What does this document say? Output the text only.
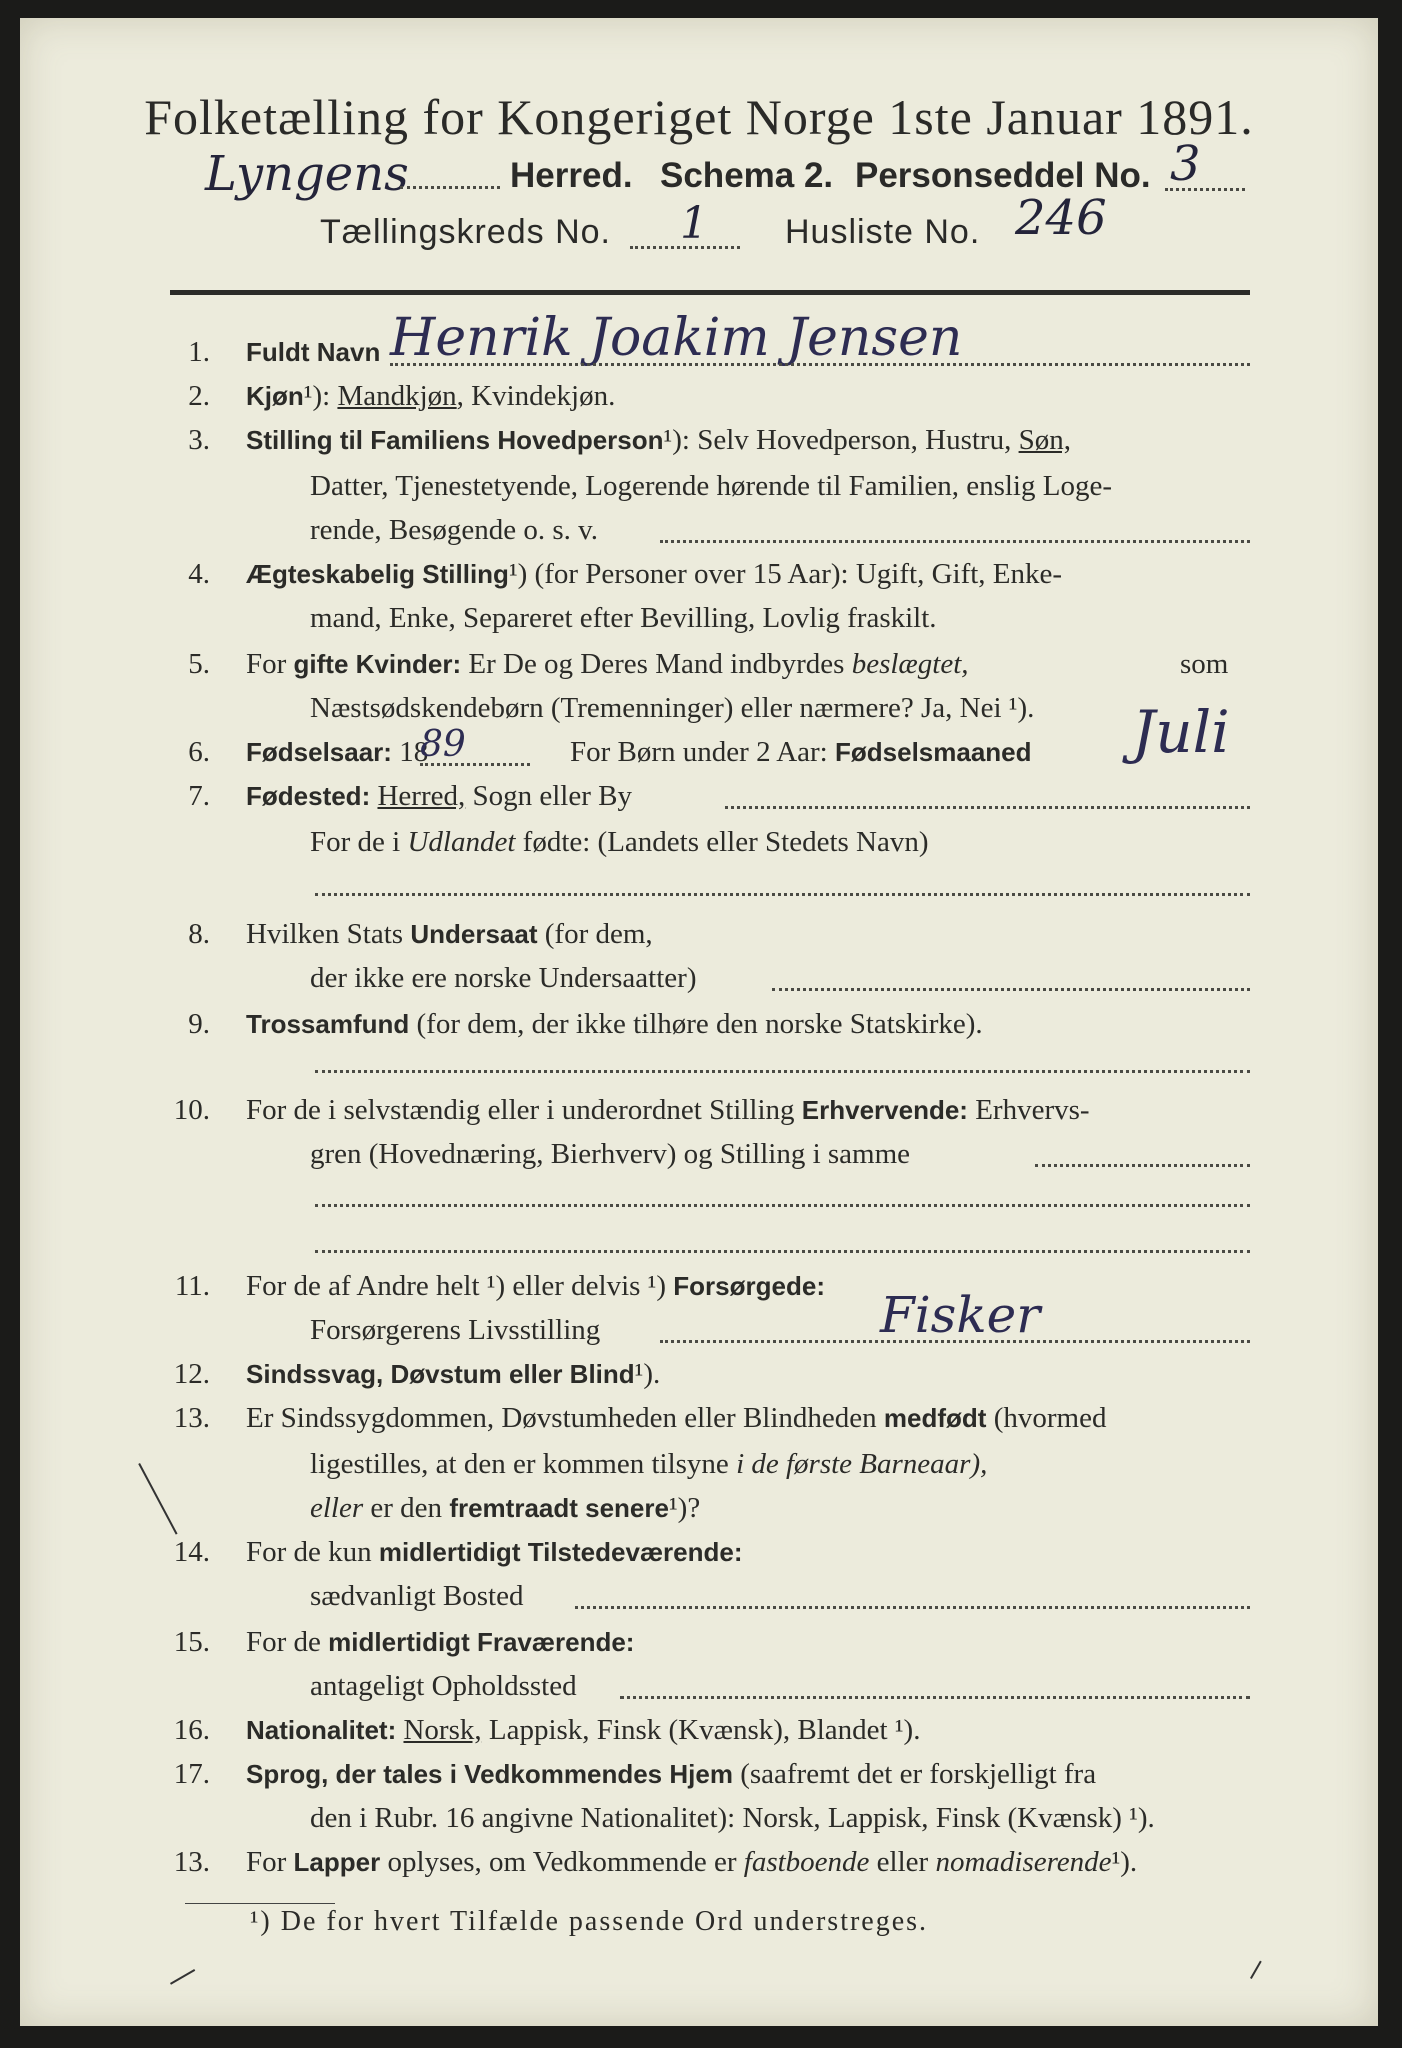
Folketælling for Kongeriget Norge 1ste Januar 1891.
Lyngens	Herred. Schema 2. Personseddel No. 3
Tællingskreds No. 1 Husliste No. 246
1. Fuldt Navn Henrik Joakim Jensen
2. Kjøn¹): Mandkjøn, Kvindekjøn.
3. Stilling til Familiens Hovedperson¹): Selv Hovedperson, Hustru, Søn,
Datter, Tjenestetyende, Logerende hørende til Familien, enslig Loge-
rende, Besøgende o. s. v.
4. Ægteskabelig Stilling¹) (for Personer over 15 Aar): Ugift, Gift, Enke-
mand, Enke, Separeret efter Bevilling, Lovlig fraskilt.
5. For gifte Kvinder: Er De og Deres Mand indbyrdes beslægtet,	som
Næstsødskendebørn (Tremenninger) eller nærmere? Ja, Nei ¹).
6. Fødselsaar: 18
89	For Børn under 2 Aar: Fødselsmaaned Juli
7. Fødested: Herred, Sogn eller By
For de i Udlandet fødte: (Landets eller Stedets Navn)
8. Hvilken Stats Undersaat (for dem,
der ikke ere norske Undersaatter)
9. Trossamfund (for dem, der ikke tilhøre den norske Statskirke).
10. For de i selvstændig eller i underordnet Stilling Erhvervende: Erhvervs-
gren (Hovednæring, Bierhverv) og Stilling i samme
11. For de af Andre helt ¹) eller delvis ¹) Forsørgede:
Forsørgerens Livsstilling	Fisker
12. Sindssvag, Døvstum eller Blind¹).
13. Er Sindssygdommen, Døvstumheden eller Blindheden medfødt (hvormed
ligestilles, at den er kommen tilsyne i de første Barneaar),
eller er den fremtraadt senere¹)?
14. For de kun midlertidigt Tilstedeværende:
sædvanligt Bosted
15. For de midlertidigt Fraværende:
antageligt Opholdssted
16. Nationalitet: Norsk, Lappisk, Finsk (Kvænsk), Blandet ¹).
17. Sprog, der tales i Vedkommendes Hjem (saafremt det er forskjelligt fra
den i Rubr. 16 angivne Nationalitet): Norsk, Lappisk, Finsk (Kvænsk) ¹).
13. For Lapper oplyses, om Vedkommende er fastboende eller nomadiserende¹).
¹) De for hvert Tilfælde passende Ord understreges.
